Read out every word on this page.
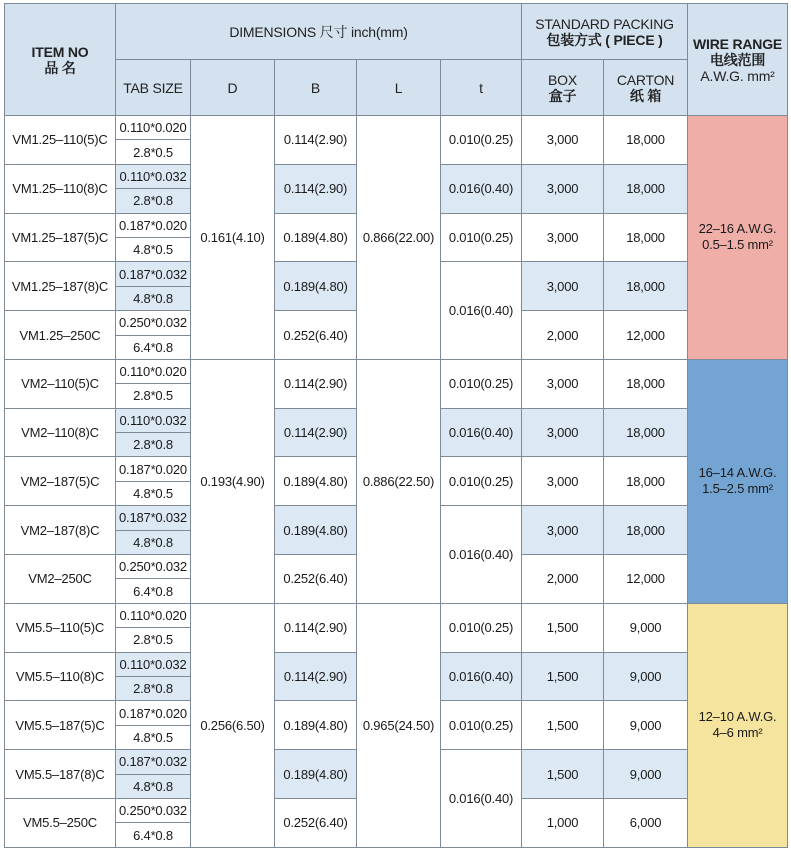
ITEM NO
品 名	DIMENSIONS 尺寸 inch(mm)					STANDARD PACKING
包装方式 ( PIECE )		WIRE RANGE
电线范围
A.W.G. mm²

	TAB SIZE	D	B	L	t	BOX
盒子	CARTON
纸 箱	

VM1.25–110(5)C	0.110*0.020	0.161(4.10)	0.114(2.90)	0.866(22.00)	0.010(0.25)	3,000	18,000	22–16 A.W.G.
0.5–1.5 mm²

	2.8*0.5							
VM1.25–110(8)C	0.110*0.032		0.114(2.90)		0.016(0.40)	3,000	18,000	
	2.8*0.8							
VM1.25–187(5)C	0.187*0.020		0.189(4.80)		0.010(0.25)	3,000	18,000	
	4.8*0.5							
VM1.25–187(8)C	0.187*0.032		0.189(4.80)		0.016(0.40)	3,000	18,000	
	4.8*0.8							
VM1.25–250C	0.250*0.032		0.252(6.40)			2,000	12,000	
	6.4*0.8							
VM2–110(5)C	0.110*0.020	0.193(4.90)	0.114(2.90)	0.886(22.50)	0.010(0.25)	3,000	18,000	16–14 A.W.G.
1.5–2.5 mm²

	2.8*0.5							
VM2–110(8)C	0.110*0.032		0.114(2.90)		0.016(0.40)	3,000	18,000	
	2.8*0.8							
VM2–187(5)C	0.187*0.020		0.189(4.80)		0.010(0.25)	3,000	18,000	
	4.8*0.5							
VM2–187(8)C	0.187*0.032		0.189(4.80)		0.016(0.40)	3,000	18,000	
	4.8*0.8							
VM2–250C	0.250*0.032		0.252(6.40)			2,000	12,000	
	6.4*0.8							
VM5.5–110(5)C	0.110*0.020	0.256(6.50)	0.114(2.90)	0.965(24.50)	0.010(0.25)	1,500	9,000	12–10 A.W.G.
4–6 mm²

	2.8*0.5							
VM5.5–110(8)C	0.110*0.032		0.114(2.90)		0.016(0.40)	1,500	9,000	
	2.8*0.8							
VM5.5–187(5)C	0.187*0.020		0.189(4.80)		0.010(0.25)	1,500	9,000	
	4.8*0.5							
VM5.5–187(8)C	0.187*0.032		0.189(4.80)		0.016(0.40)	1,500	9,000	
	4.8*0.8							
VM5.5–250C	0.250*0.032		0.252(6.40)			1,000	6,000	
	6.4*0.8							
